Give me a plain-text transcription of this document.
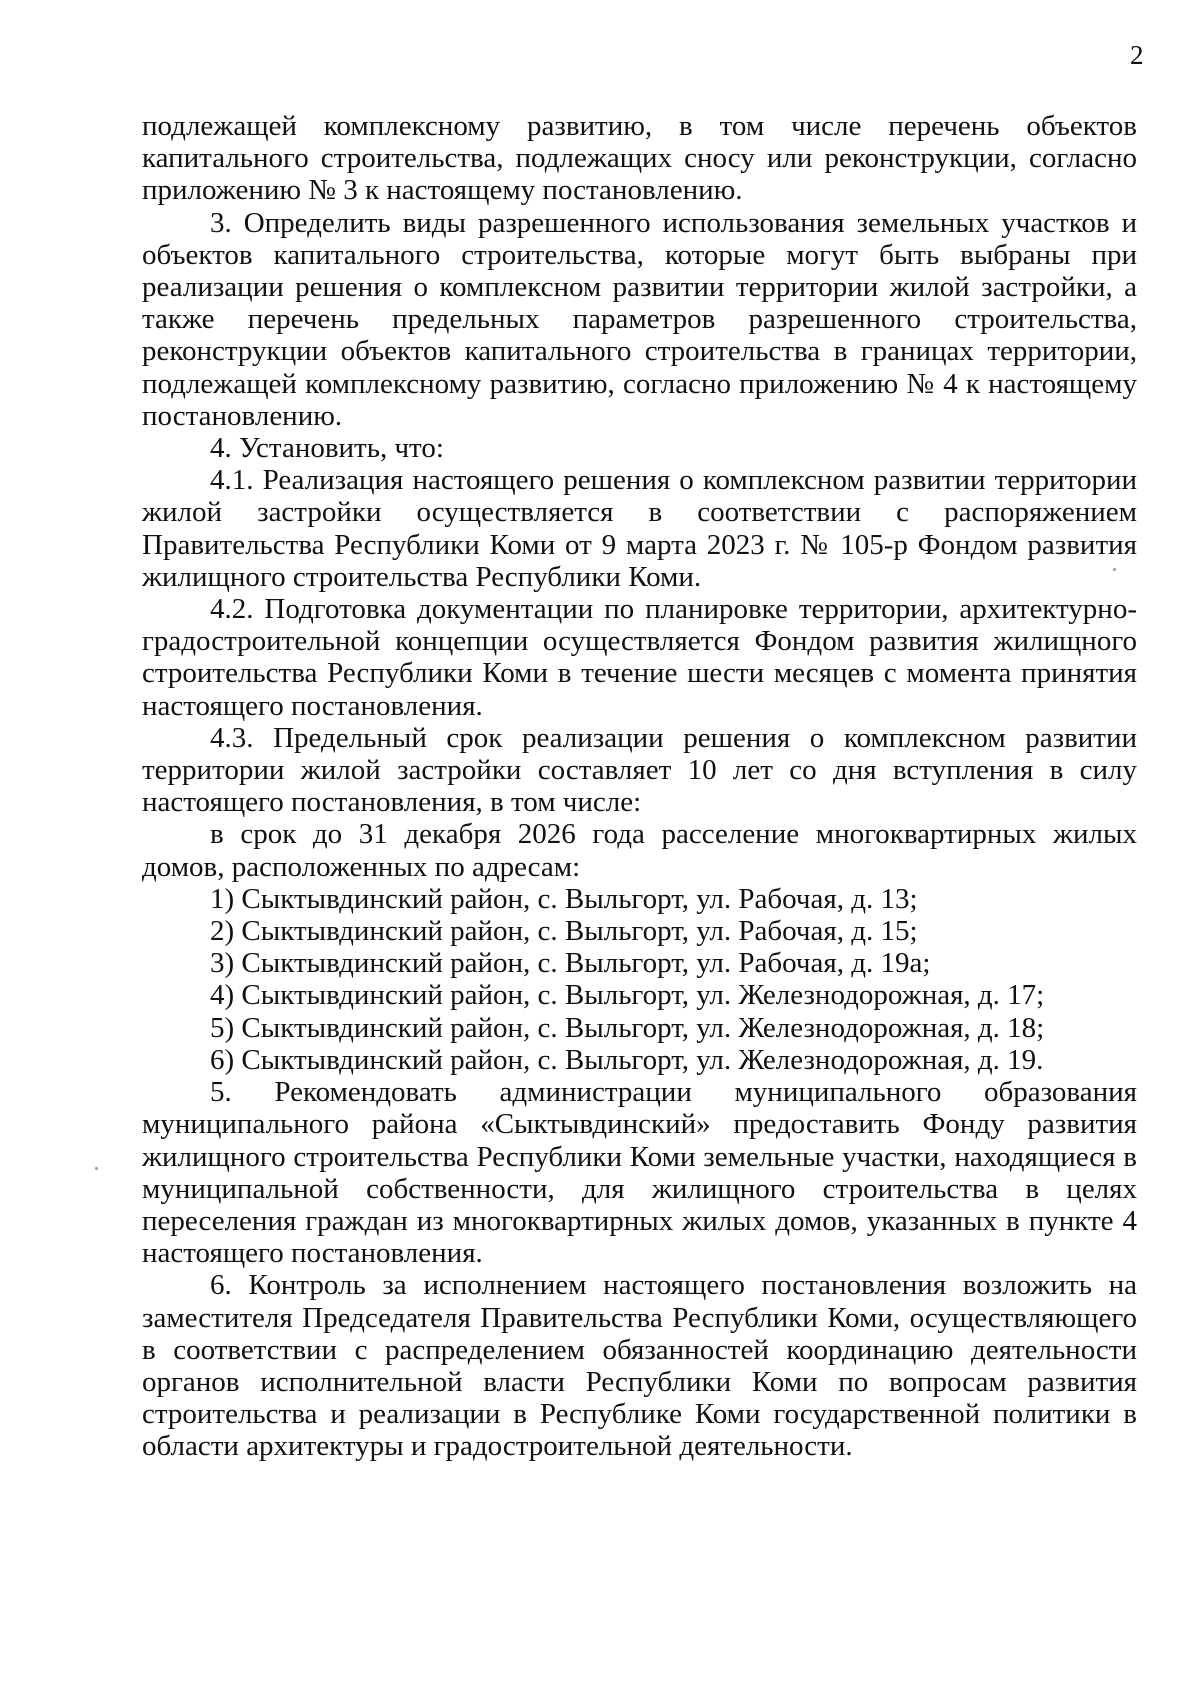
2

подлежащей комплексному развитию, в том числе перечень объектов капитального строительства, подлежащих сносу или реконструкции, согласно приложению № 3 к настоящему постановлению.

3. Определить виды разрешенного использования земельных участков и объектов капитального строительства, которые могут быть выбраны при реализации решения о комплексном развитии территории жилой застройки, а также перечень предельных параметров разрешенного строительства, реконструкции объектов капитального строительства в границах территории, подлежащей комплексному развитию, согласно приложению № 4 к настоящему постановлению.

4. Установить, что:

4.1. Реализация настоящего решения о комплексном развитии территории жилой застройки осуществляется в соответствии с распоряжением Правительства Республики Коми от 9 марта 2023 г. № 105-р Фондом развития жилищного строительства Республики Коми.

4.2. Подготовка документации по планировке территории, архитектурно-градостроительной концепции осуществляется Фондом развития жилищного строительства Республики Коми в течение шести месяцев с момента принятия настоящего постановления.

4.3. Предельный срок реализации решения о комплексном развитии территории жилой застройки составляет 10 лет со дня вступления в силу настоящего постановления, в том числе:

в срок до 31 декабря 2026 года расселение многоквартирных жилых домов, расположенных по адресам:

1) Сыктывдинский район, с. Выльгорт, ул. Рабочая, д. 13;

2) Сыктывдинский район, с. Выльгорт, ул. Рабочая, д. 15;

3) Сыктывдинский район, с. Выльгорт, ул. Рабочая, д. 19а;

4) Сыктывдинский район, с. Выльгорт, ул. Железнодорожная, д. 17;

5) Сыктывдинский район, с. Выльгорт, ул. Железнодорожная, д. 18;

6) Сыктывдинский район, с. Выльгорт, ул. Железнодорожная, д. 19.

5. Рекомендовать администрации муниципального образования муниципального района «Сыктывдинский» предоставить Фонду развития жилищного строительства Республики Коми земельные участки, находящиеся в муниципальной собственности, для жилищного строительства в целях переселения граждан из многоквартирных жилых домов, указанных в пункте 4 настоящего постановления.

6. Контроль за исполнением настоящего постановления возложить на заместителя Председателя Правительства Республики Коми, осуществляющего в соответствии с распределением обязанностей координацию деятельности органов исполнительной власти Республики Коми по вопросам развития строительства и реализации в Республике Коми государственной политики в области архитектуры и градостроительной деятельности.
